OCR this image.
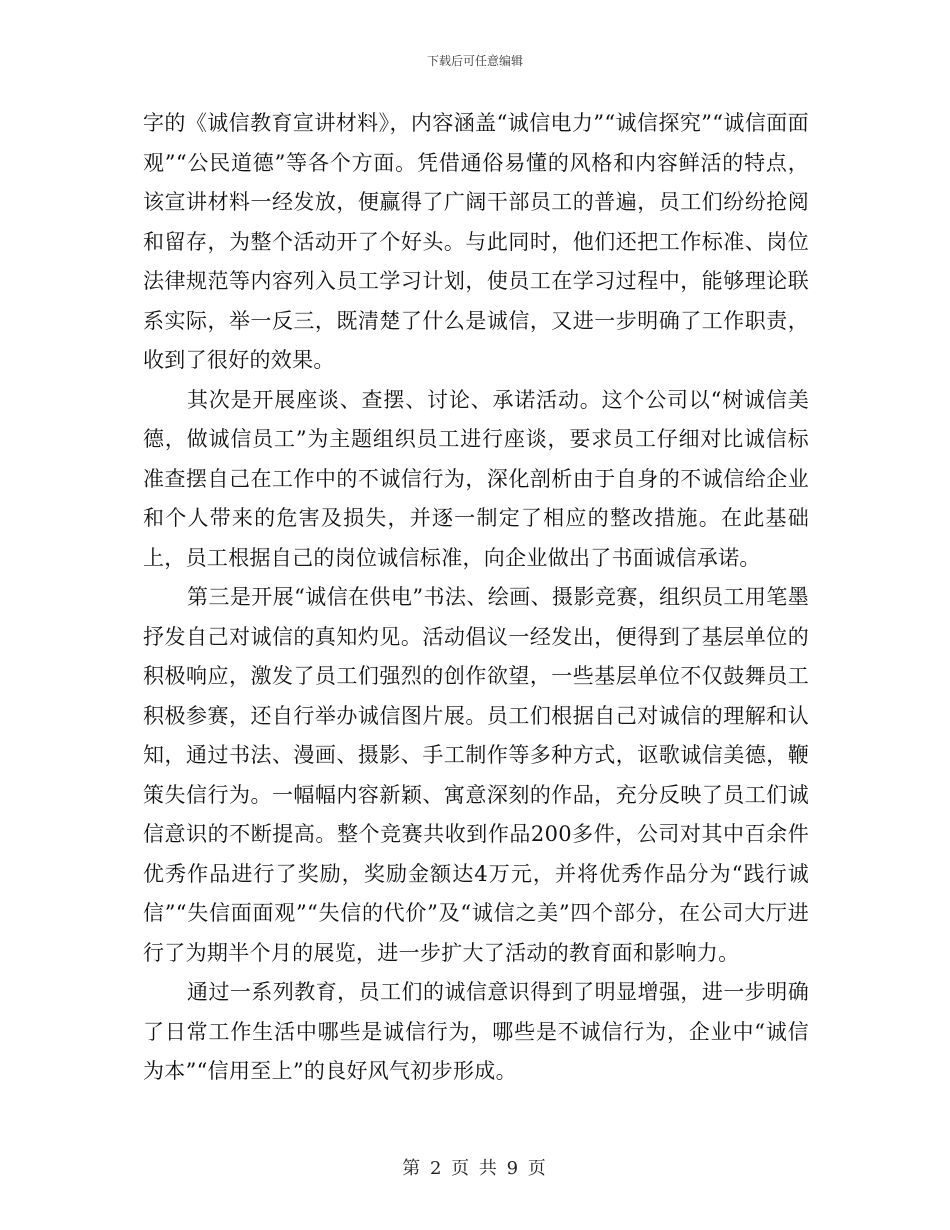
下载后可任意编辑

字的《诚信教育宣讲材料》，内容涵盖“诚信电力”“诚信探究”“诚信面面观”“公民道德”等各个方面。凭借通俗易懂的风格和内容鲜活的特点，该宣讲材料一经发放，便赢得了广阔干部员工的普遍，员工们纷纷抢阅和留存，为整个活动开了个好头。与此同时，他们还把工作标准、岗位法律规范等内容列入员工学习计划，使员工在学习过程中，能够理论联系实际，举一反三，既清楚了什么是诚信，又进一步明确了工作职责，收到了很好的效果。

其次是开展座谈、查摆、讨论、承诺活动。这个公司以“树诚信美德，做诚信员工”为主题组织员工进行座谈，要求员工仔细对比诚信标准查摆自己在工作中的不诚信行为，深化剖析由于自身的不诚信给企业和个人带来的危害及损失，并逐一制定了相应的整改措施。在此基础上，员工根据自己的岗位诚信标准，向企业做出了书面诚信承诺。

第三是开展“诚信在供电”书法、绘画、摄影竞赛，组织员工用笔墨抒发自己对诚信的真知灼见。活动倡议一经发出，便得到了基层单位的积极响应，激发了员工们强烈的创作欲望，一些基层单位不仅鼓舞员工积极参赛，还自行举办诚信图片展。员工们根据自己对诚信的理解和认知，通过书法、漫画、摄影、手工制作等多种方式，讴歌诚信美德，鞭策失信行为。一幅幅内容新颖、寓意深刻的作品，充分反映了员工们诚信意识的不断提高。整个竞赛共收到作品200多件，公司对其中百余件优秀作品进行了奖励，奖励金额达4万元，并将优秀作品分为“践行诚信”“失信面面观”“失信的代价”及“诚信之美”四个部分，在公司大厅进行了为期半个月的展览，进一步扩大了活动的教育面和影响力。

通过一系列教育，员工们的诚信意识得到了明显增强，进一步明确了日常工作生活中哪些是诚信行为，哪些是不诚信行为，企业中“诚信为本”“信用至上”的良好风气初步形成。

第 2 页 共 9 页
